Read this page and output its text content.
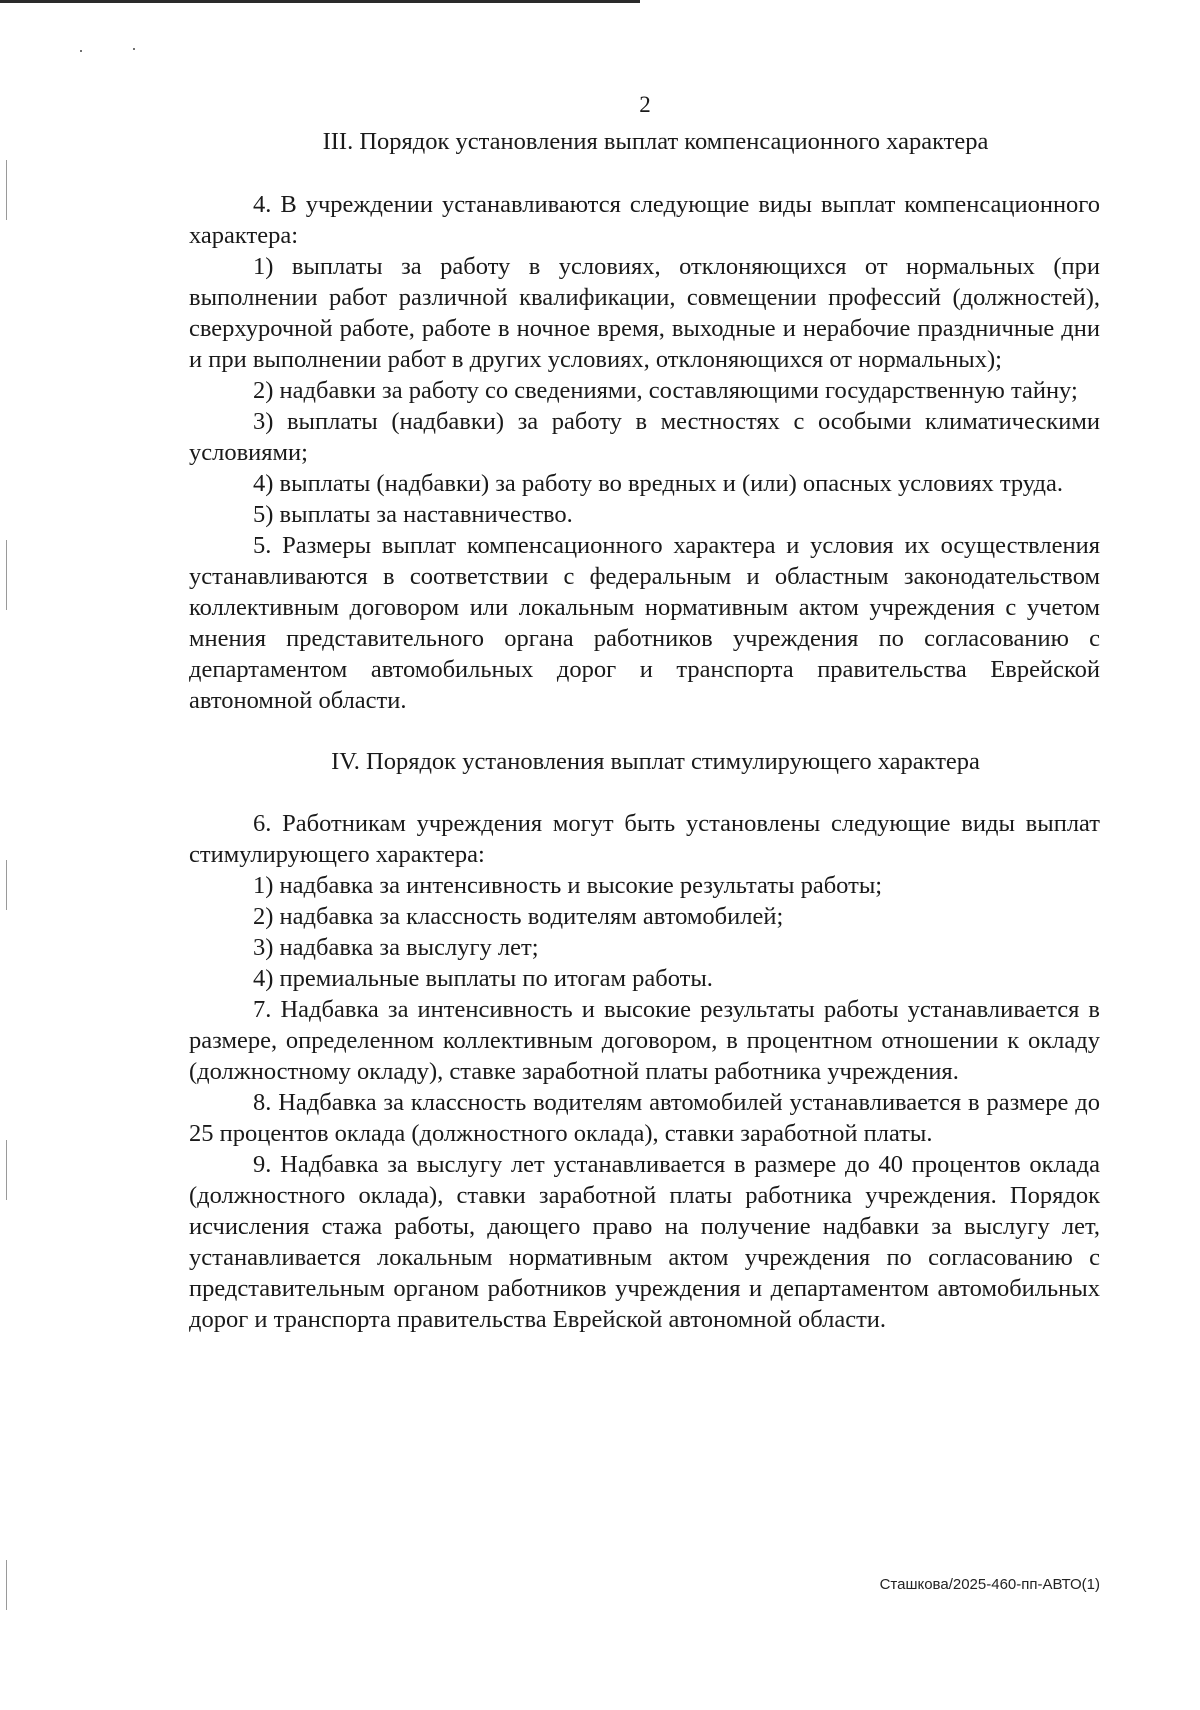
2

III. Порядок установления выплат компенсационного характера

4. В учреждении устанавливаются следующие виды выплат компенсационного характера:

1) выплаты за работу в условиях, отклоняющихся от нормальных (при выполнении работ различной квалификации, совмещении профессий (должностей), сверхурочной работе, работе в ночное время, выходные и нерабочие праздничные дни и при выполнении работ в других условиях, отклоняющихся от нормальных);

2) надбавки за работу со сведениями, составляющими государственную тайну;

3) выплаты (надбавки) за работу в местностях с особыми климатическими условиями;

4) выплаты (надбавки) за работу во вредных и (или) опасных условиях труда.

5) выплаты за наставничество.

5. Размеры выплат компенсационного характера и условия их осуществления устанавливаются в соответствии с федеральным и областным законодательством коллективным договором или локальным нормативным актом учреждения с учетом мнения представительного органа работников учреждения по согласованию с департаментом автомобильных дорог и транспорта правительства Еврейской автономной области.

IV. Порядок установления выплат стимулирующего характера

6. Работникам учреждения могут быть установлены следующие виды выплат стимулирующего характера:

1) надбавка за интенсивность и высокие результаты работы;

2) надбавка за классность водителям автомобилей;

3) надбавка за выслугу лет;

4) премиальные выплаты по итогам работы.

7. Надбавка за интенсивность и высокие результаты работы устанавливается в размере, определенном коллективным договором, в процентном отношении к окладу (должностному окладу), ставке заработной платы работника учреждения.

8. Надбавка за классность водителям автомобилей устанавливается в размере до 25 процентов оклада (должностного оклада), ставки заработной платы.

9. Надбавка за выслугу лет устанавливается в размере до 40 процентов оклада (должностного оклада), ставки заработной платы работника учреждения. Порядок исчисления стажа работы, дающего право на получение надбавки за выслугу лет, устанавливается локальным нормативным актом учреждения по согласованию с представительным органом работников учреждения и департаментом автомобильных дорог и транспорта правительства Еврейской автономной области.

Сташкова/2025-460-пп-АВТО(1)
